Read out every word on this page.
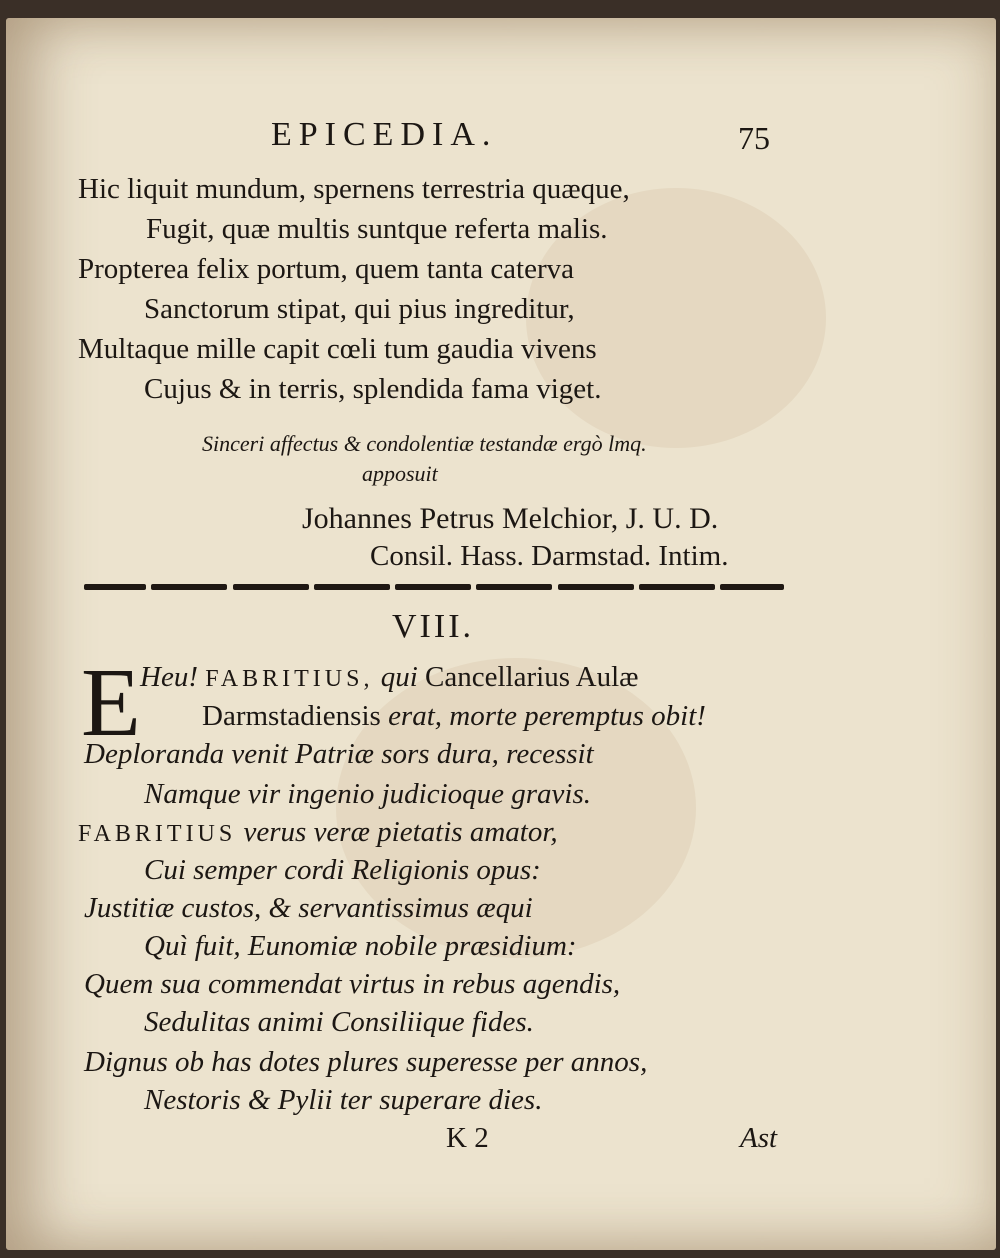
EPICEDIA.	75
Hic liquit mundum, spernens terrestria quæque,
Fugit, quæ multis suntque referta malis.
Propterea felix portum, quem tanta caterva
Sanctorum stipat, qui pius ingreditur,
Multaque mille capit cœli tum gaudia vivens
Cujus & in terris, splendida fama viget.
Sinceri affectus & condolentiæ testandæ ergò lmq.
apposuit
Johannes Petrus Melchior, J. U. D.
Consil. Hass. Darmstad. Intim.
VIII.
E Heu! FABRITIUS, qui Cancellarius Aulæ
Darmstadiensis erat, morte peremptus obit!
Deploranda venit Patriæ sors dura, recessit
Namque vir ingenio judicioque gravis.
FABRITIUS verus veræ pietatis amator,
Cui semper cordi Religionis opus:
Justitiæ custos, & servantissimus æqui
Quì fuit, Eunomiæ nobile præsidium:
Quem sua commendat virtus in rebus agendis,
Sedulitas animi Consiliique fides.
Dignus ob has dotes plures superesse per annos,
Nestoris & Pylii ter superare dies.
K 2	Ast
